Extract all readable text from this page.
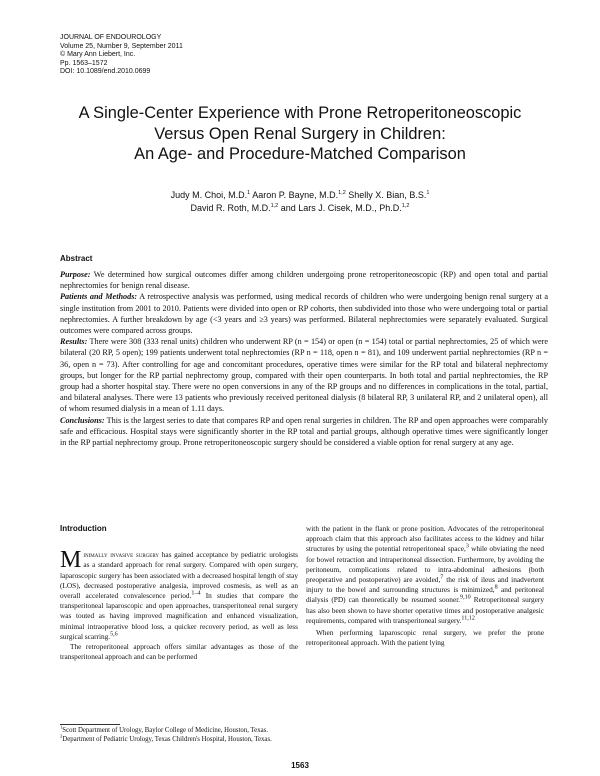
JOURNAL OF ENDOUROLOGY
Volume 25, Number 9, September 2011
© Mary Ann Liebert, Inc.
Pp. 1563–1572
DOI: 10.1089/end.2010.0699
A Single-Center Experience with Prone Retroperitoneoscopic
Versus Open Renal Surgery in Children:
An Age- and Procedure-Matched Comparison
Judy M. Choi, M.D.$^1$ Aaron P. Bayne, M.D.$^{1,2}$ Shelly X. Bian, B.S.$^1$
David R. Roth, M.D.$^{1,2}$ and Lars J. Cisek, M.D., Ph.D.$^{1,2}$
Abstract

Purpose: We determined how surgical outcomes differ among children undergoing prone retroperitoneoscopic (RP) and open total and partial nephrectomies for benign renal disease.

Patients and Methods: A retrospective analysis was performed, using medical records of children who were undergoing benign renal surgery at a single institution from 2001 to 2010. Patients were divided into open or RP cohorts, then subdivided into those who were undergoing total or partial nephrectomies. A further breakdown by age (<3 years and ≥3 years) was performed. Bilateral nephrectomies were separately evaluated. Surgical outcomes were compared across groups.

Results: There were 308 (333 renal units) children who underwent RP (n = 154) or open (n = 154) total or partial nephrectomies, 25 of which were bilateral (20 RP, 5 open); 199 patients underwent total nephrectomies (RP n = 118, open n = 81), and 109 underwent partial nephrectomies (RP n = 36, open n = 73). After controlling for age and concomitant procedures, operative times were similar for the RP total and bilateral nephrectomy groups, but longer for the RP partial nephrectomy group, compared with their open counterparts. In both total and partial nephrectomies, the RP group had a shorter hospital stay. There were no open conversions in any of the RP groups and no differences in complications in the total, partial, and bilateral analyses. There were 13 patients who previously received peritoneal dialysis (8 bilateral RP, 3 unilateral RP, and 2 unilateral open), all of whom resumed dialysis in a mean of 1.11 days.

Conclusions: This is the largest series to date that compares RP and open renal surgeries in children. The RP and open approaches were comparably safe and efficacious. Hospital stays were significantly shorter in the RP total and partial groups, although operative times were significantly longer in the RP partial nephrectomy group. Prone retroperitoneoscopic surgery should be considered a viable option for renal surgery at any age.

Introduction

Minimally invasive surgery has gained acceptance by pediatric urologists as a standard approach for renal surgery. Compared with open surgery, laparoscopic surgery has been associated with a decreased hospital length of stay (LOS), decreased postoperative analgesia, improved cosmesis, as well as an overall accelerated convalescence period.$^{1-4}$ In studies that compare the transperitoneal laparoscopic and open approaches, transperitoneal renal surgery was touted as having improved magnification and enhanced visualization, minimal intraoperative blood loss, a quicker recovery period, as well as less surgical scarring.$^{5,6}$

The retroperitoneal approach offers similar advantages as those of the transperitoneal approach and can be performed

with the patient in the flank or prone position. Advocates of the retroperitoneal approach claim that this approach also facilitates access to the kidney and hilar structures by using the potential retroperitoneal space,$^3$ while obviating the need for bowel retraction and intraperitoneal dissection. Furthermore, by avoiding the peritoneum, complications related to intra-abdominal adhesions (both preoperative and postoperative) are avoided,$^7$ the risk of ileus and inadvertent injury to the bowel and surrounding structures is minimized,$^8$ and peritoneal dialysis (PD) can theoretically be resumed sooner.$^{9,10}$ Retroperitoneal surgery has also been shown to have shorter operative times and postoperative analgesic requirements, compared with transperitoneal surgery.$^{11,12}$

When performing laparoscopic renal surgery, we prefer the prone retroperitoneal approach. With the patient lying

$^1$Scott Department of Urology, Baylor College of Medicine, Houston, Texas.
$^2$Department of Pediatric Urology, Texas Children's Hospital, Houston, Texas.
1563
